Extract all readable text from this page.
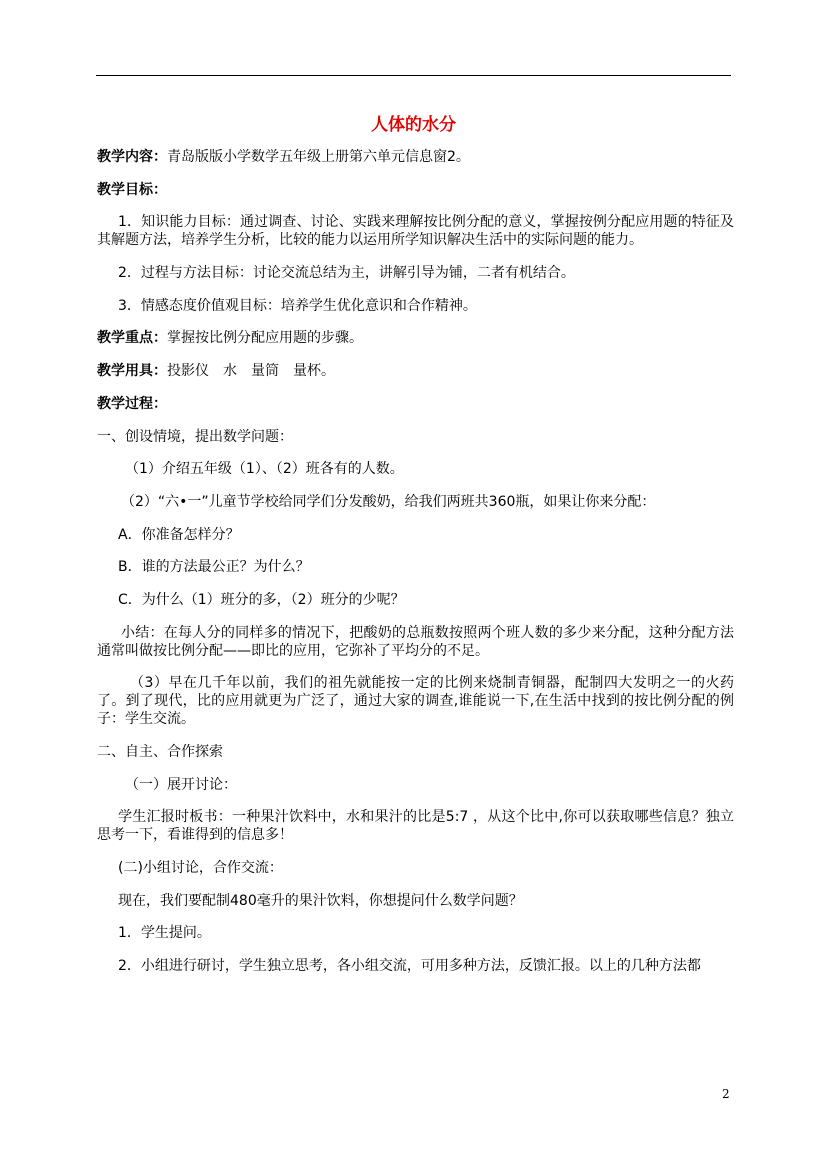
人体的水分
教学内容：青岛版版小学数学五年级上册第六单元信息窗2。
教学目标：
1．知识能力目标：通过调查、讨论、实践来理解按比例分配的意义，掌握按例分配应用题的特征及其解题方法，培养学生分析，比较的能力以运用所学知识解决生活中的实际问题的能力。
2．过程与方法目标：讨论交流总结为主，讲解引导为铺，二者有机结合。
3．情感态度价值观目标：培养学生优化意识和合作精神。
教学重点：掌握按比例分配应用题的步骤。
教学用具：投影仪　水　量筒　量杯。
教学过程：
一、创设情境，提出数学问题：
（1）介绍五年级（1）、（2）班各有的人数。
（2）“六•一”儿童节学校给同学们分发酸奶，给我们两班共360瓶，如果让你来分配：
A．你准备怎样分？
B．谁的方法最公正？为什么？
C．为什么（1）班分的多，（2）班分的少呢？
小结：在每人分的同样多的情况下，把酸奶的总瓶数按照两个班人数的多少来分配，这种分配方法通常叫做按比例分配——即比的应用，它弥补了平均分的不足。
（3）早在几千年以前，我们的祖先就能按一定的比例来烧制青铜器，配制四大发明之一的火药了。到了现代，比的应用就更为广泛了，通过大家的调查,谁能说一下,在生活中找到的按比例分配的例子：学生交流。
二、自主、合作探索
（一）展开讨论：
学生汇报时板书：一种果汁饮料中，水和果汁的比是5:7 ，从这个比中,你可以获取哪些信息？独立思考一下，看谁得到的信息多！
(二)小组讨论，合作交流：
现在，我们要配制480毫升的果汁饮料，你想提问什么数学问题？
1．学生提问。
2．小组进行研讨，学生独立思考，各小组交流，可用多种方法，反馈汇报。以上的几种方法都
2
